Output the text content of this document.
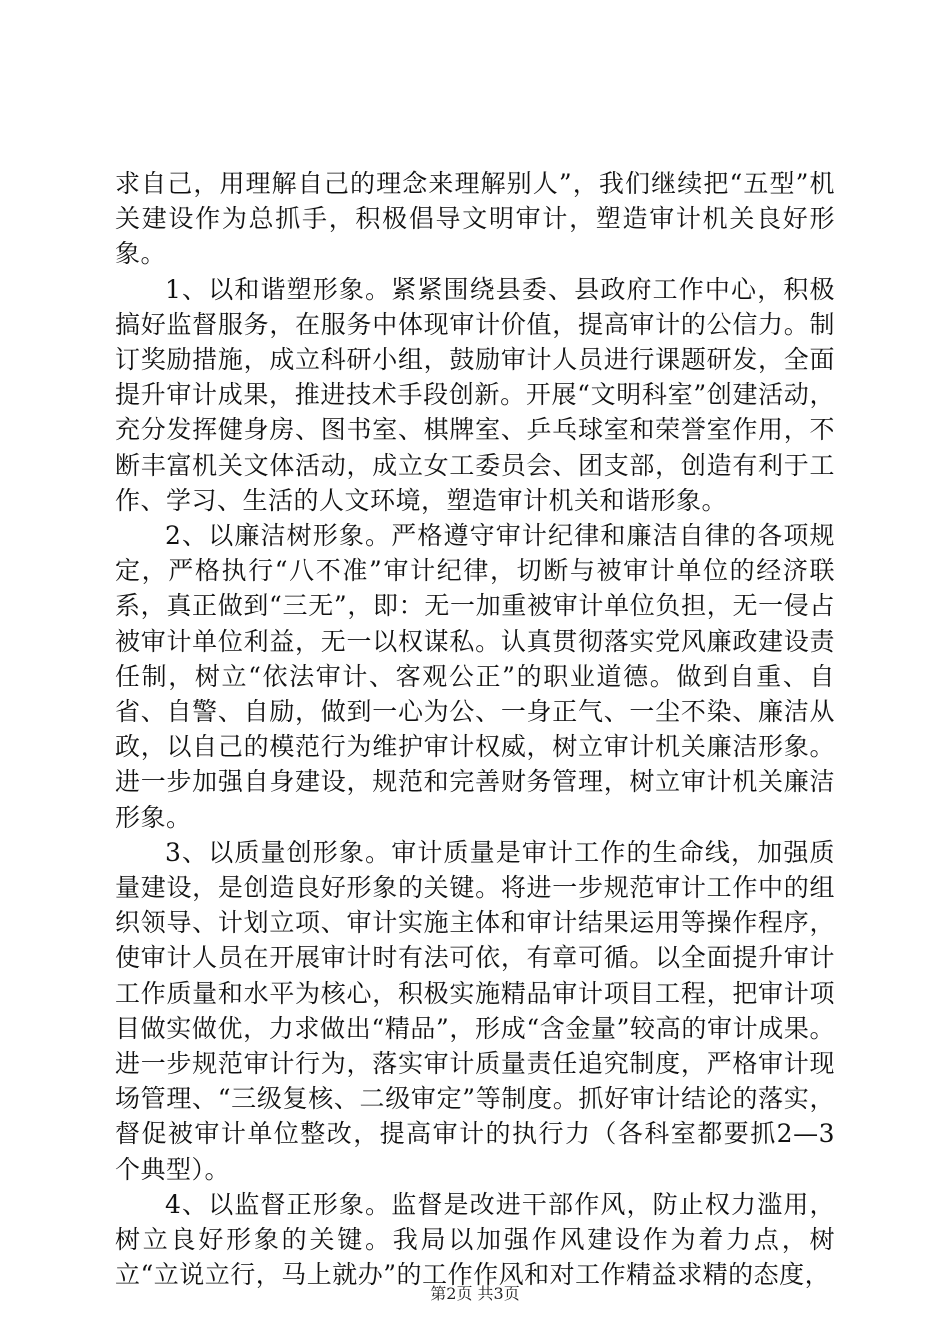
求自己，用理解自己的理念来理解别人”，我们继续把“五型”机关建设作为总抓手，积极倡导文明审计，塑造审计机关良好形象。

1、以和谐塑形象。紧紧围绕县委、县政府工作中心，积极搞好监督服务，在服务中体现审计价值，提高审计的公信力。制订奖励措施，成立科研小组，鼓励审计人员进行课题研发，全面提升审计成果，推进技术手段创新。开展“文明科室”创建活动，充分发挥健身房、图书室、棋牌室、乒乓球室和荣誉室作用，不断丰富机关文体活动，成立女工委员会、团支部，创造有利于工作、学习、生活的人文环境，塑造审计机关和谐形象。

2、以廉洁树形象。严格遵守审计纪律和廉洁自律的各项规定，严格执行“八不准”审计纪律，切断与被审计单位的经济联系，真正做到“三无”，即：无一加重被审计单位负担，无一侵占被审计单位利益，无一以权谋私。认真贯彻落实党风廉政建设责任制，树立“依法审计、客观公正”的职业道德。做到自重、自省、自警、自励，做到一心为公、一身正气、一尘不染、廉洁从政，以自己的模范行为维护审计权威，树立审计机关廉洁形象。进一步加强自身建设，规范和完善财务管理，树立审计机关廉洁形象。

3、以质量创形象。审计质量是审计工作的生命线，加强质量建设，是创造良好形象的关键。将进一步规范审计工作中的组织领导、计划立项、审计实施主体和审计结果运用等操作程序，使审计人员在开展审计时有法可依，有章可循。以全面提升审计工作质量和水平为核心，积极实施精品审计项目工程，把审计项目做实做优，力求做出“精品”，形成“含金量”较高的审计成果。进一步规范审计行为，落实审计质量责任追究制度，严格审计现场管理、“三级复核、二级审定”等制度。抓好审计结论的落实，督促被审计单位整改，提高审计的执行力（各科室都要抓2—3个典型）。

4、以监督正形象。监督是改进干部作风，防止权力滥用，树立良好形象的关键。我局以加强作风建设作为着力点，树立“立说立行，马上就办”的工作作风和对工作精益求精的态度，

第2页 共3页
